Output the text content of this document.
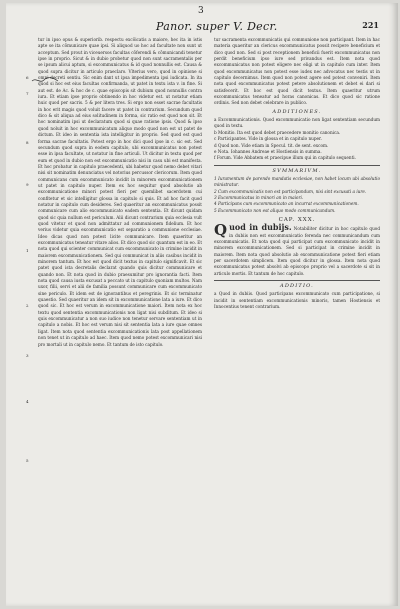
3
Panor. super V. Decr.	221
6
7
8
9
1
2
3
4
5

tur in ipso opus & superiorib. respectu excōicatis a maiore, hec ita in istis apte se ita cōmunicare quae ipsi. Si aliquod uo hoc ad facultate non sunt ut acceptum. Sed prout in viceuersos facultas cōferendi & cōmunicandi tenetur ipse in proprio. Sicut & in dubio probetur quod non sunt sacramentalis per se ipsum alicui aptum, si excommunicatus & id quod nonnullis est. Causa & quod supra dicitur in articulo praeclaro. Vlterius vero, quod in opinione si omni decreti sentiu. Sic enim dant ut ipsa impedimenta ipsi iudicata. In ita quod si hoc est eius facultas confirmanda, ut patet in textu ista v. in fine. Si aut est. de Ac. & hoc de c. quae episcopis sit dubium quod nonnullis contra iura. Et etiam ipse proprio obtinendo in hoc videtur est. ut notatur etiam huic quod per sacris. 5 & per litera tres. Si ergo non esset sacrae facultatis in hoc erit magis quod voluit facere ut patet in contrarium. Secundum quod dico & sit aliqua ad eius solitudinem in forma, sic ratio est quod non sit. Et hoc nominatim ipsi ut declaratum quod si quae ratione ipsis. Quod & ipso quod noluit in hoc excommunicatum aliquo modo quod non est ut patet de dictum. Et ideo in sententia ista intelligitur in proprio. Sed quod est quod forma sacrae facultatis. Potest ergo in hoc dici quod ipse in c. sic est. Sed secundum quod supra in eodem capitulo, ubi excommunicatus non potest esse in ipsa facultate, ut notatur in fine articuli. Ut dicitur in textu quod per eum et quod in dubio non est excommunicatio nisi in casu ubi est manifesta. Et hoc probatur in capitulo praecedenti, ubi habetur quod nemo debet vitari nisi sit nominatim denunciatus vel notorius percussor clericorum. Item quod communicans cum excommunicato incidit in minorem excommunicationem ut patet in capitulo nuper. Item ex hoc sequitur quod absolutio ab excommunicatione minori potest fieri per quemlibet sacerdotem cui confitetur et sic intelligitur glossa in capitulo si quis. Et ad hoc facit quod notatur in capitulo cum desideres. Sed quaeritur an excommunicatus possit communicare cum alio excommunicato eadem sententia. Et dicunt quidam quod sic quia nullum est periculum. Alii dicunt contrarium quia ecclesia vult quod vitetur et quod non admittatur ad communionem fidelium. Et hoc verius videtur quia excommunicatio est separatio a communione ecclesiae. Ideo dicas quod non potest licite communicare. Item quaeritur an excommunicatus teneatur vitare alios. Et dico quod sic quantum est in eo. Et nota quod qui scienter communicat cum excommunicato in crimine incidit in maiorem excommunicationem. Sed qui communicat in aliis casibus incidit in minorem tantum. Et hoc est quod dicit textus in capitulo significavit. Et sic patet quod ista decretalis declarat quando quis dicitur communicare et quando non. Et nota quod in dubio praesumitur pro ignorantia facti. Item nota quod causa iusta excusat a peccato ut in capitulo quoniam multos. Nam uxor, filii, servi et alii de familia possunt communicare cum excommunicato sine periculo. Et idem est de ignorantibus et peregrinis. Et sic terminatur quaestio. Sed quaeritur an idem sit in excommunicatione lata a iure. Et dico quod sic. Et hoc est verum in excommunicatione maiori. Item nota ex hoc textu quod sententia excommunicationis non ligat nisi subditum. Et ideo si quis excommunicatur a non suo iudice non tenetur servare sententiam ut in capitulo a nobis. Et hoc est verum nisi sit sententia lata a iure quae omnes ligat. Item nota quod sententia excommunicationis lata post appellationem non tenet ut in capitulo ad haec. Item quod nemo potest excommunicari nisi pro mortali ut in capitulo nemo. Et tantum de isto capitulo.

tur sacramenta excommunicatis qui communione non participant. Item in hac materia quaeritur an clericus excommunicatus possit recipere beneficium et dico quod non. Sed si post receptionem beneficii fuerit excommunicatus non perdit beneficium ipso iure sed privandus est. Item nota quod excommunicatus non potest eligere nec eligi ut in capitulo cum inter. Item quod excommunicatus non potest esse iudex nec advocatus nec testis ut in capitulo decernimus. Item quod non potest agere sed potest conveniri. Item nota quod excommunicatus potest petere absolutionem et debet ei dari si satisfecerit. Et hoc est quod dicit textus. Item quaeritur utrum excommunicatus teneatur ad horas canonicas. Et dico quod sic ratione ordinis. Sed non debet celebrare in publico.

ADDITIONES.

a Excommunicationis. Quod excommunicatio non ligat sententiam secundum quod in textu.

b Monitio. Ita est quod debet praecedere monitio canonica.

c Participantes. Vide in glossa et in capitulo nuper.

d Quod non. Vide etiam in Specul. tit. de sent. excom.

e Nota. Iohannes Andreae et Hostiensis in summa.

f Forum. Vide Abbatem et praecipue illum qui in capitulo sequenti.

SVMMARIVM.

1 Iuramentum de parendo mandatis ecclesiae, non habet locum ubi absolutio ministratur.

2 Cum excommunicatis non est participandum, nisi sint excusati a iure.

3 Excommunicatus in minori an in maiori.

4 Participans cum excommunicato an incurrat excommunicationem.

5 Excommunicato non est aliquo modo communicandum.

CAP. XXX.

Q uod in dubijs. Notabiliter dicitur in hoc capitulo quod in dubiis non est excommunicatio ferenda nec communicandum cum excommunicatis. Et nota quod qui participat cum excommunicato incidit in minorem excommunicationem. Sed si participat in crimine incidit in maiorem. Item nota quod absolutio ab excommunicatione potest fieri etiam per sacerdotem simplicem. Item quod dicitur in glossa. Item nota quod excommunicatus potest absolvi ab episcopo proprio vel a sacerdote si sit in articulo mortis. Et tantum de hoc capitulo.

ADDITIO.

a Quod in dubiis. Quod participans excommunicato cum participatione, si incidit in sententiam excommunicationis minoris, tamen Hostiensis et Innocentius tenent contrarium.
